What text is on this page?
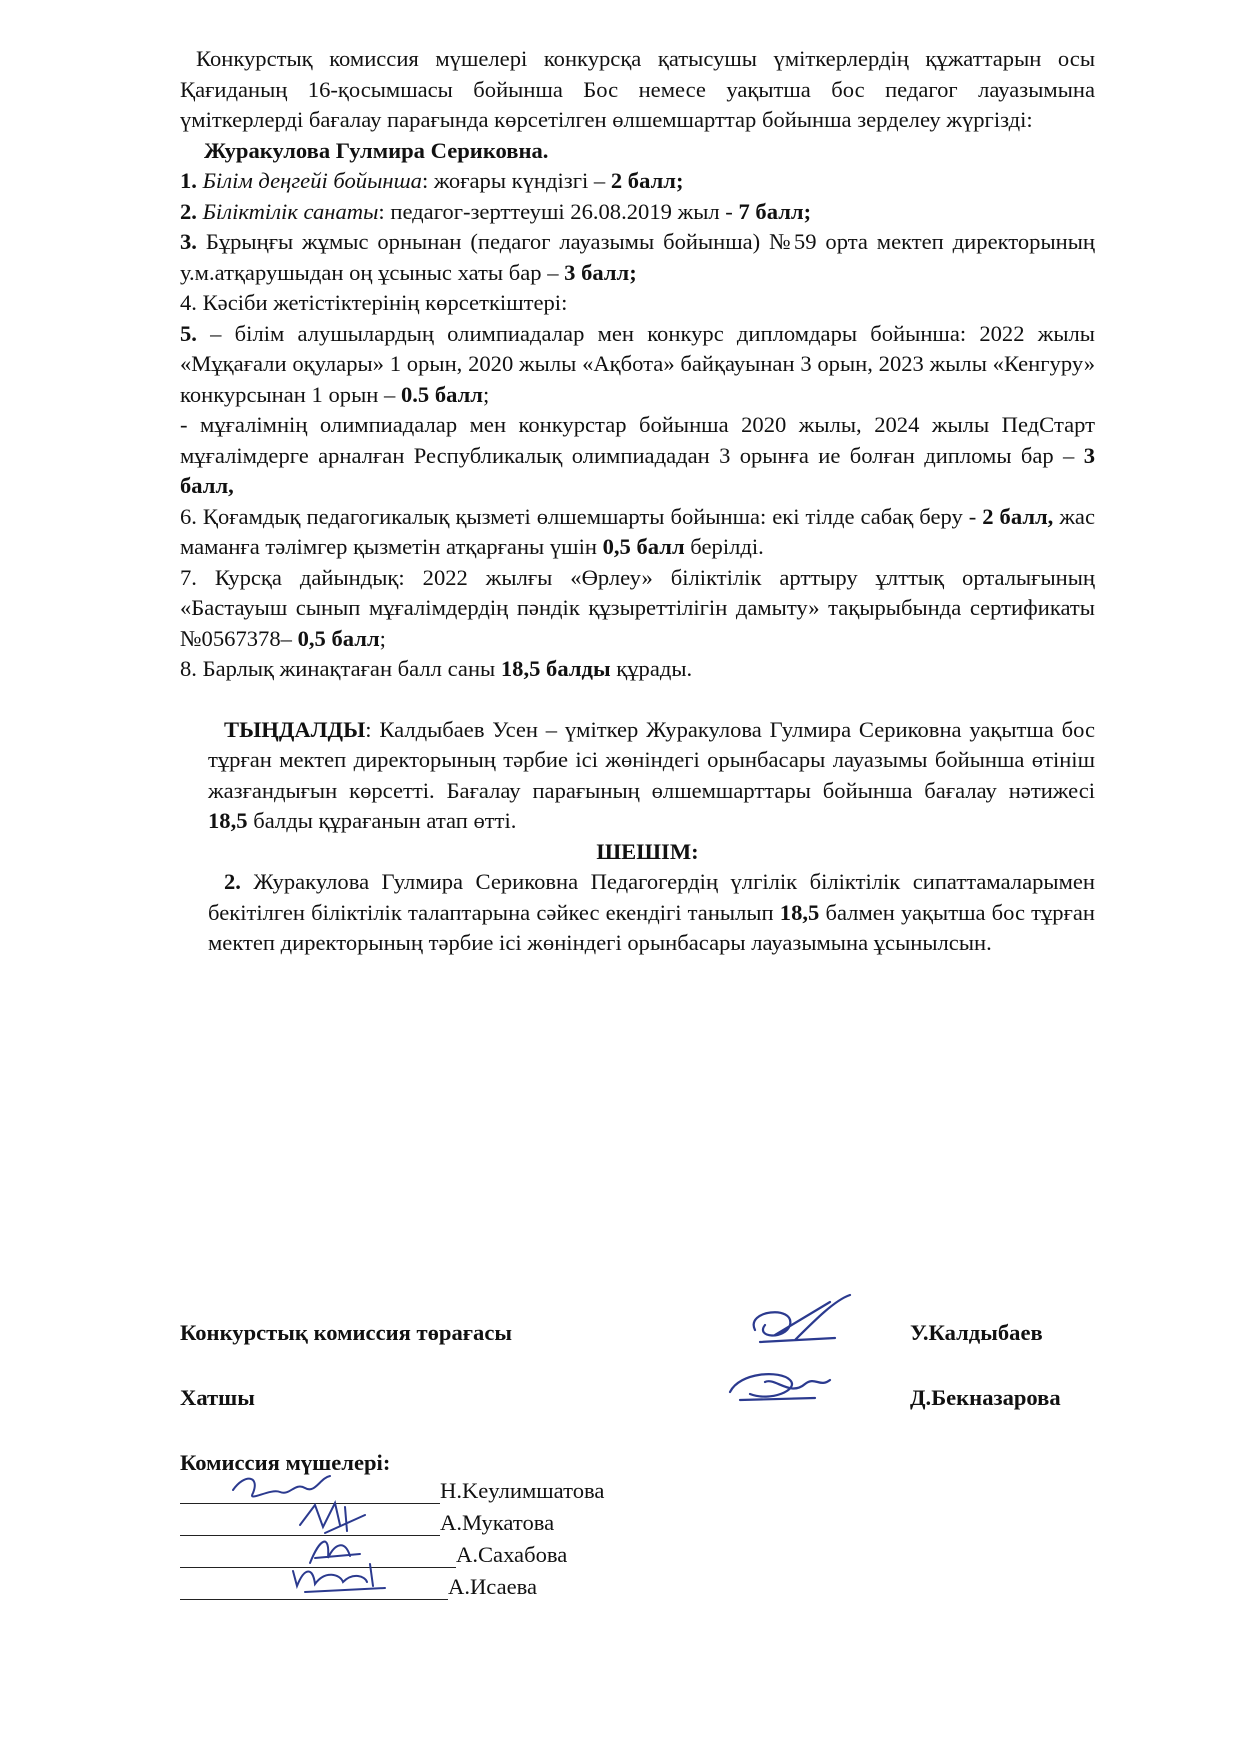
Конкурстық комиссия мүшелері конкурсқа қатысушы үміткерлердің құжаттарын осы Қағиданың 16-қосымшасы бойынша Бос немесе уақытша бос педагог лауазымына үміткерлерді бағалау парағында көрсетілген өлшемшарттар бойынша зерделеу жүргізді:

Журакулова Гулмира Сериковна.

1. Білім деңгейі бойынша: жоғары күндізгі – 2 балл;

2. Біліктілік санаты: педагог-зерттеуші 26.08.2019 жыл - 7 балл;

3. Бұрыңғы жұмыс орнынан (педагог лауазымы бойынша) №59 орта мектеп директорының у.м.атқарушыдан оң ұсыныс хаты бар – 3 балл;

4. Кәсіби жетістіктерінің көрсеткіштері:

5. – білім алушылардың олимпиадалар мен конкурс дипломдары бойынша: 2022 жылы «Мұқағали оқулары» 1 орын, 2020 жылы «Ақбота» байқауынан 3 орын, 2023 жылы «Кенгуру» конкурсынан 1 орын – 0.5 балл;

- мұғалімнің олимпиадалар мен конкурстар бойынша 2020 жылы, 2024 жылы ПедСтарт мұғалімдерге арналған Республикалық олимпиададан 3 орынға ие болған дипломы бар – 3 балл,

6. Қоғамдық педагогикалық қызметі өлшемшарты бойынша: екі тілде сабақ беру - 2 балл, жас маманға тәлімгер қызметін атқарғаны үшін 0,5 балл берілді.

7. Курсқа дайындық: 2022 жылғы «Өрлеу» біліктілік арттыру ұлттық орталығының «Бастауыш сынып мұғалімдердің пәндік құзыреттілігін дамыту» тақырыбында сертификаты №0567378– 0,5 балл;

8. Барлық жинақтаған балл саны 18,5 балды құрады.

ТЫҢДАЛДЫ: Калдыбаев Усен – үміткер Журакулова Гулмира Сериковна уақытша бос тұрған мектеп директорының тәрбие ісі жөніндегі орынбасары лауазымы бойынша өтініш жазғандығын көрсетті. Бағалау парағының өлшемшарттары бойынша бағалау нәтижесі 18,5 балды құрағанын атап өтті.

ШЕШІМ:

2. Журакулова Гулмира Сериковна Педагогердің үлгілік біліктілік сипаттамаларымен бекітілген біліктілік талаптарына сәйкес екендігі танылып 18,5 балмен уақытша бос тұрған мектеп директорының тәрбие ісі жөніндегі орынбасары лауазымына ұсынылсын.

Конкурстық комиссия төрағасы	У.Калдыбаев
Хатшы	Д.Бекназарова
Комиссия мүшелері:
Н.Keулимшатова
А.Мукатова
А.Сахабова
А.Исаева
